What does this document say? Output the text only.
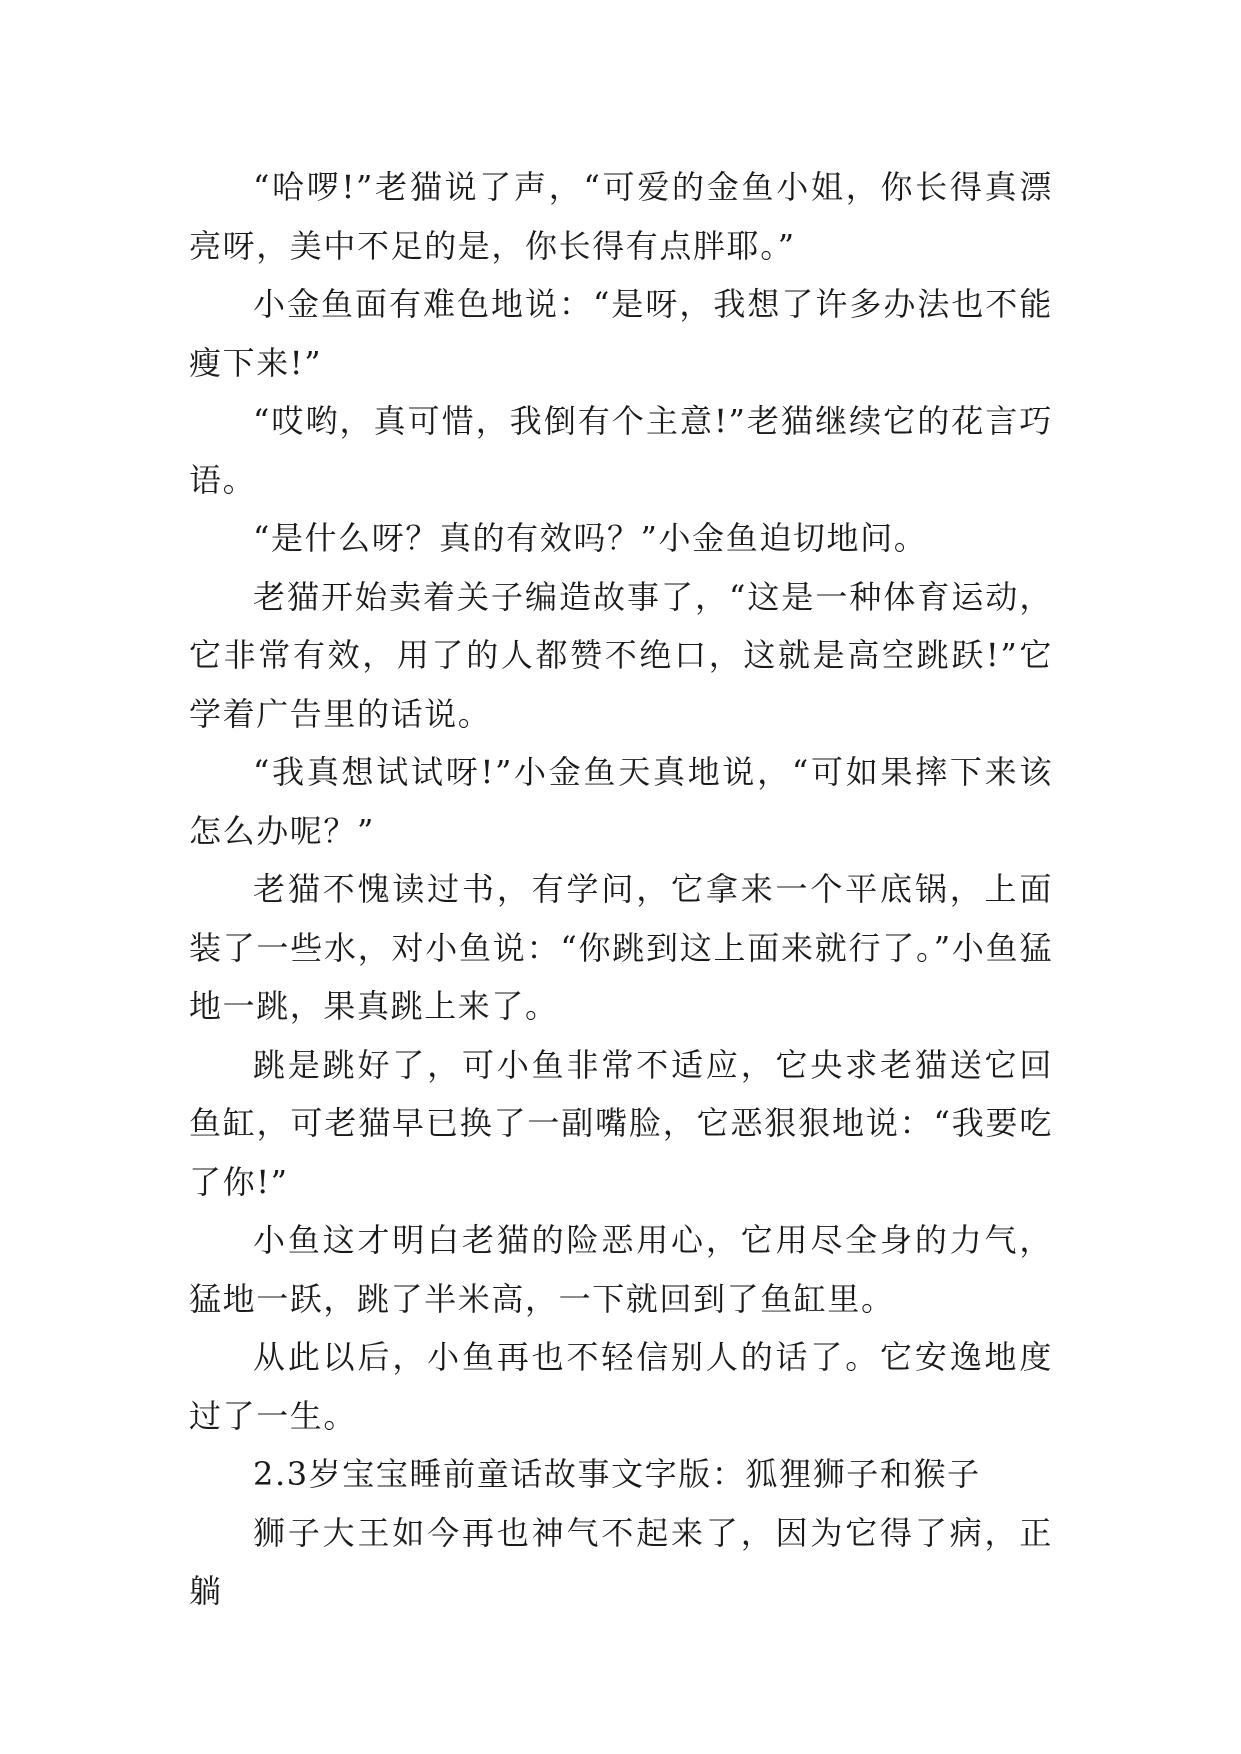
“哈啰!”老猫说了声，“可爱的金鱼小姐，你长得真漂亮呀，美中不足的是，你长得有点胖耶。”

小金鱼面有难色地说：“是呀，我想了许多办法也不能瘦下来!”

“哎哟，真可惜，我倒有个主意!”老猫继续它的花言巧语。

“是什么呀？真的有效吗？”小金鱼迫切地问。

老猫开始卖着关子编造故事了，“这是一种体育运动，它非常有效，用了的人都赞不绝口，这就是高空跳跃!”它学着广告里的话说。

“我真想试试呀!”小金鱼天真地说，“可如果摔下来该怎么办呢？”

老猫不愧读过书，有学问，它拿来一个平底锅，上面装了一些水，对小鱼说：“你跳到这上面来就行了。”小鱼猛地一跳，果真跳上来了。

跳是跳好了，可小鱼非常不适应，它央求老猫送它回鱼缸，可老猫早已换了一副嘴脸，它恶狠狠地说：“我要吃了你!”

小鱼这才明白老猫的险恶用心，它用尽全身的力气，猛地一跃，跳了半米高，一下就回到了鱼缸里。

从此以后，小鱼再也不轻信别人的话了。它安逸地度过了一生。

2.3岁宝宝睡前童话故事文字版：狐狸狮子和猴子

狮子大王如今再也神气不起来了，因为它得了病，正躺
